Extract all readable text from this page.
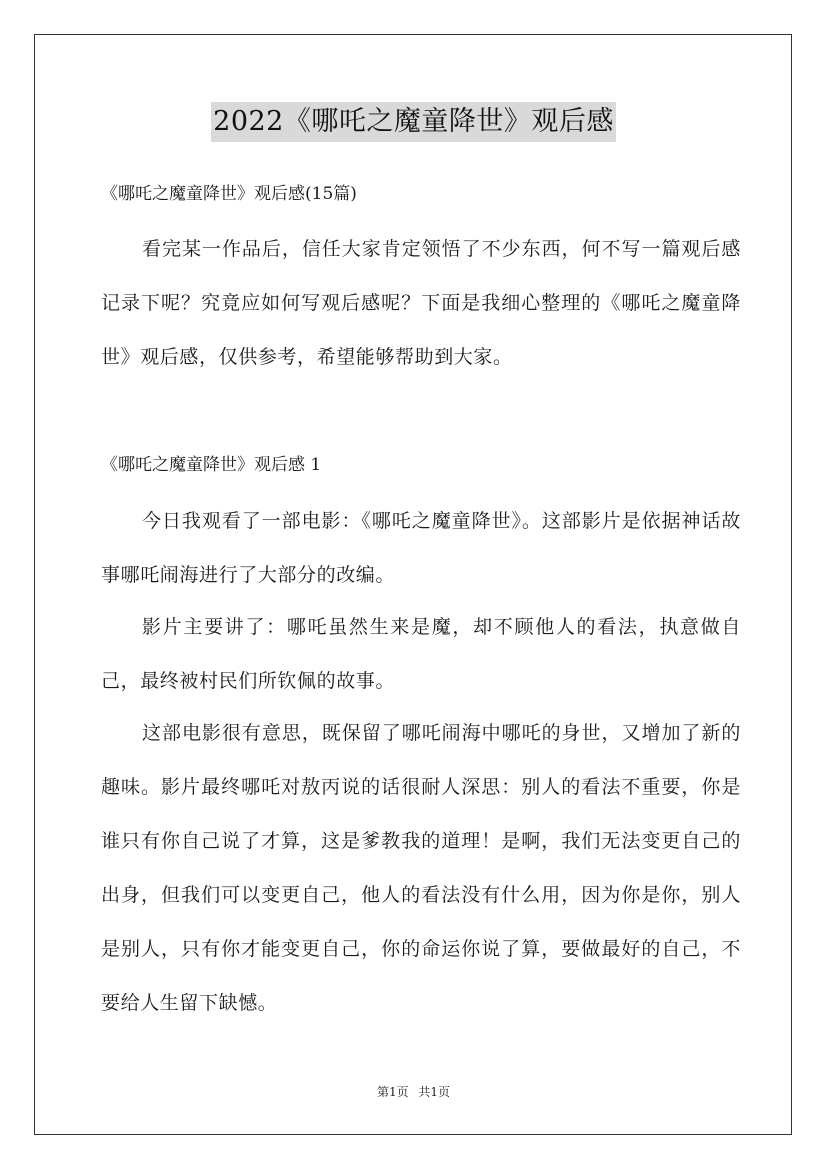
2022《哪吒之魔童降世》观后感

《哪吒之魔童降世》观后感(15篇)

看完某一作品后，信任大家肯定领悟了不少东西，何不写一篇观后感记录下呢？究竟应如何写观后感呢？下面是我细心整理的《哪吒之魔童降世》观后感，仅供参考，希望能够帮助到大家。

《哪吒之魔童降世》观后感 1

今日我观看了一部电影：《哪吒之魔童降世》。这部影片是依据神话故事哪吒闹海进行了大部分的改编。

影片主要讲了：哪吒虽然生来是魔，却不顾他人的看法，执意做自己，最终被村民们所钦佩的故事。

这部电影很有意思，既保留了哪吒闹海中哪吒的身世，又增加了新的趣味。影片最终哪吒对敖丙说的话很耐人深思：别人的看法不重要，你是谁只有你自己说了才算，这是爹教我的道理！是啊，我们无法变更自己的出身，但我们可以变更自己，他人的看法没有什么用，因为你是你，别人是别人，只有你才能变更自己，你的命运你说了算，要做最好的自己，不要给人生留下缺憾。

第1页 共1页
